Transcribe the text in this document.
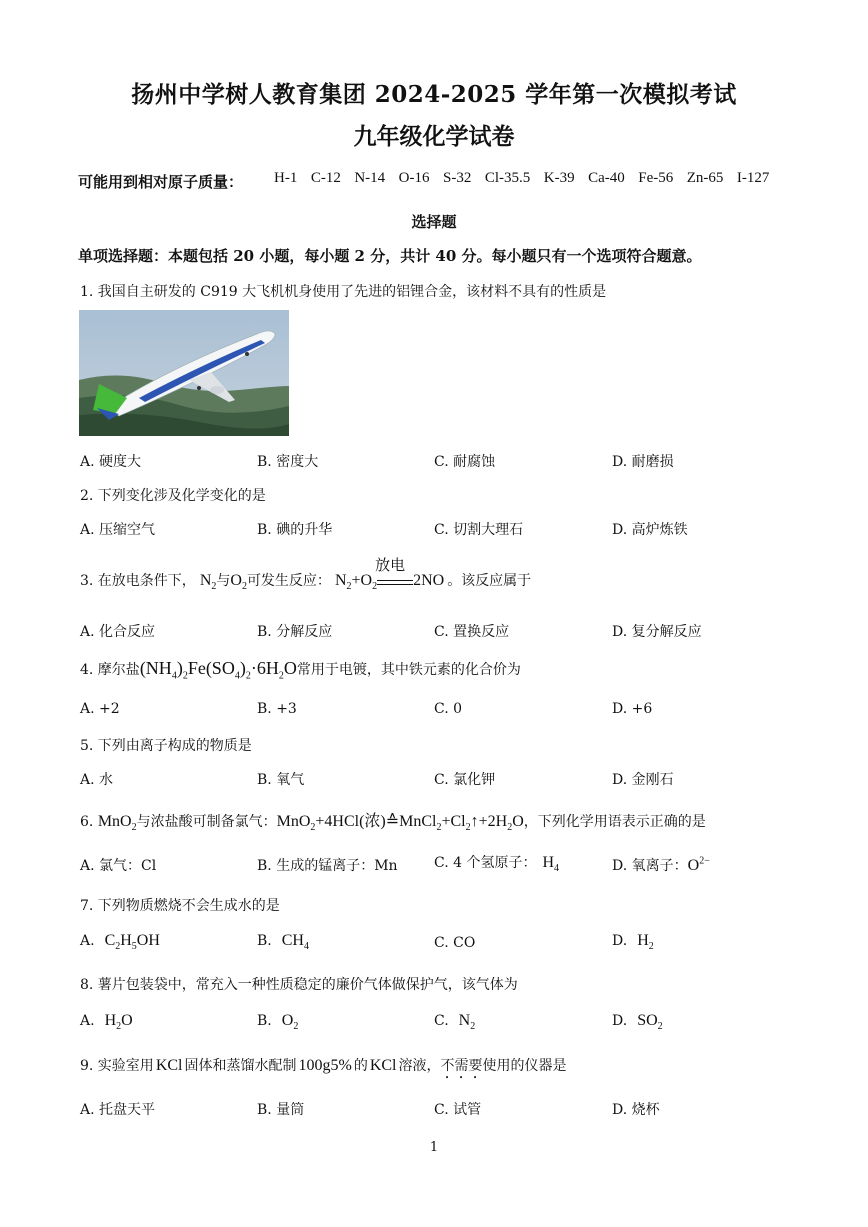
扬州中学树人教育集团 2024-2025 学年第一次模拟考试
九年级化学试卷
可能用到相对原子质量： H-1  C-12  N-14  O-16  S-32  Cl-35.5  K-39  Ca-40  Fe-56  Zn-65  I-127
选择题
单项选择题：本题包括 20 小题，每小题 2 分，共计 40 分。每小题只有一个选项符合题意。
1. 我国自主研发的 C919 大飞机机身使用了先进的铝锂合金，该材料不具有的性质是
A. 硬度大	B. 密度大	C. 耐腐蚀	D. 耐磨损
2. 下列变化涉及化学变化的是
A. 压缩空气	B. 碘的升华	C. 切割大理石	D. 高炉炼铁
3. 在放电条件下， $N_2$与$O_2$可发生反应： $N_2+O_2$
放电
2NO 。该反应属于
A. 化合反应	B. 分解反应	C. 置换反应	D. 复分解反应
4. 摩尔盐$(NH_4)_2Fe(SO_4)_2\cdot 6H_2O$常用于电镀，其中铁元素的化合价为
A. +2	B. +3	C. 0	D. +6
5. 下列由离子构成的物质是
A. 水	B. 氧气	C. 氯化钾	D. 金刚石
6. MnO$_2$与浓盐酸可制备氯气：MnO$_2$+4HCl(浓)$≙MnCl_2+Cl_2↑+2H_2O$，下列化学用语表示正确的是
A. 氯气：Cl	B. 生成的锰离子：Mn	C. 4 个氢原子： $H_4$	D. 氧离子：$O^{2-}$
7. 下列物质燃烧不会生成水的是
A. $C_2H_5OH$	B. $CH_4$	C. CO	D. $H_2$
8. 薯片包装袋中，常充入一种性质稳定的廉价气体做保护气，该气体为
A. $H_2O$	B. $O_2$	C. $N_2$	D. $SO_2$
9. 实验室用 KCl 固体和蒸馏水配制 100g5% 的 KCl 溶液，不需要使用的仪器是
A. 托盘天平	B. 量筒	C. 试管	D. 烧杯
1
